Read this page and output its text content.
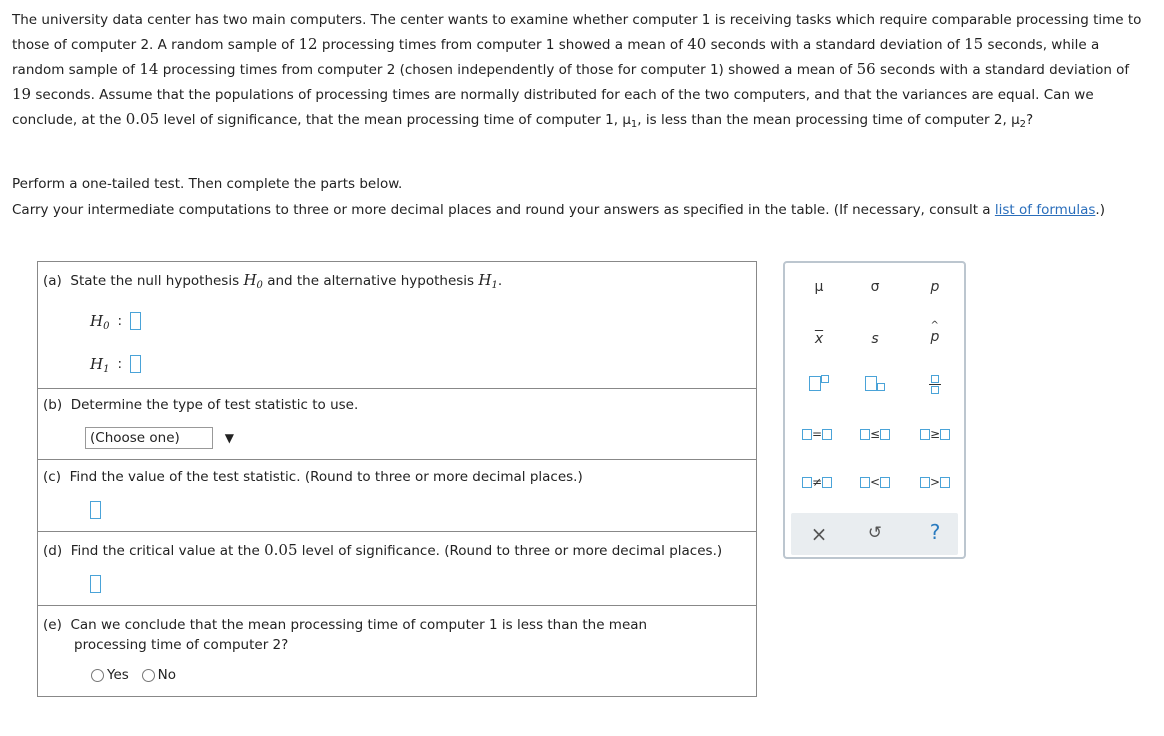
The university data center has two main computers. The center wants to examine whether computer 1 is receiving tasks which require comparable processing time to those of computer 2. A random sample of 12 processing times from computer 1 showed a mean of 40 seconds with a standard deviation of 15 seconds, while a random sample of 14 processing times from computer 2 (chosen independently of those for computer 1) showed a mean of 56 seconds with a standard deviation of 19 seconds. Assume that the populations of processing times are normally distributed for each of the two computers, and that the variances are equal. Can we conclude, at the 0.05 level of significance, that the mean processing time of computer 1, $\mu_1$, is less than the mean processing time of computer 2, $\mu_2$?
Perform a one-tailed test. Then complete the parts below.
Carry your intermediate computations to three or more decimal places and round your answers as specified in the table. (If necessary, consult a list of formulas.)
(a) State the null hypothesis $H_0$ and the alternative hypothesis $H_1$.
$H_0$ :
$H_1$ :
(b) Determine the type of test statistic to use.
(Choose one)	▼
(c) Find the value of the test statistic. (Round to three or more decimal places.)
(d) Find the critical value at the 0.05 level of significance. (Round to three or more decimal places.)
(e) Can we conclude that the mean processing time of computer 1 is less than the mean
processing time of computer 2?
Yes No
μ	σ	p
$\overline{x}$	s
^
p
=	≤	≥
≠	<	>
×	↺	?
